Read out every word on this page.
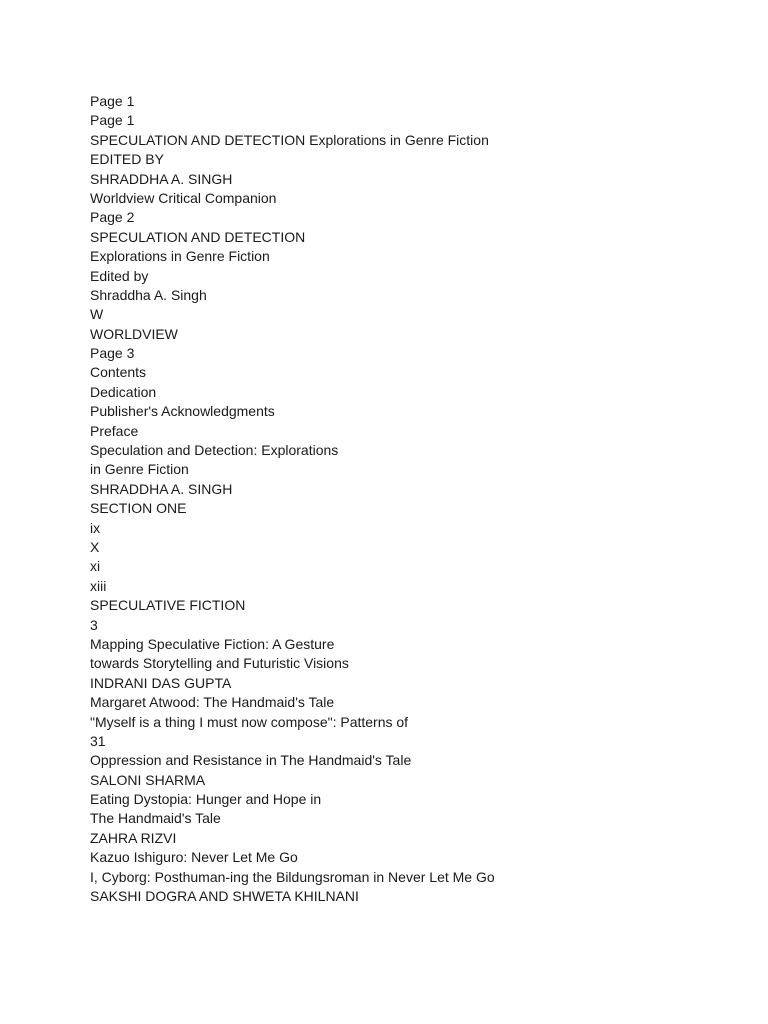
Page 1
Page 1
SPECULATION AND DETECTION Explorations in Genre Fiction
EDITED BY
SHRADDHA A. SINGH
Worldview Critical Companion
Page 2
SPECULATION AND DETECTION
Explorations in Genre Fiction
Edited by
Shraddha A. Singh
W
WORLDVIEW
Page 3
Contents
Dedication
Publisher's Acknowledgments
Preface
Speculation and Detection: Explorations
in Genre Fiction
SHRADDHA A. SINGH
SECTION ONE
ix
X
xi
xiii
SPECULATIVE FICTION
3
Mapping Speculative Fiction: A Gesture
towards Storytelling and Futuristic Visions
INDRANI DAS GUPTA
Margaret Atwood: The Handmaid's Tale
"Myself is a thing I must now compose": Patterns of
31
Oppression and Resistance in The Handmaid's Tale
SALONI SHARMA
Eating Dystopia: Hunger and Hope in
The Handmaid's Tale
ZAHRA RIZVI
Kazuo Ishiguro: Never Let Me Go
I, Cyborg: Posthuman-ing the Bildungsroman in Never Let Me Go
SAKSHI DOGRA AND SHWETA KHILNANI
